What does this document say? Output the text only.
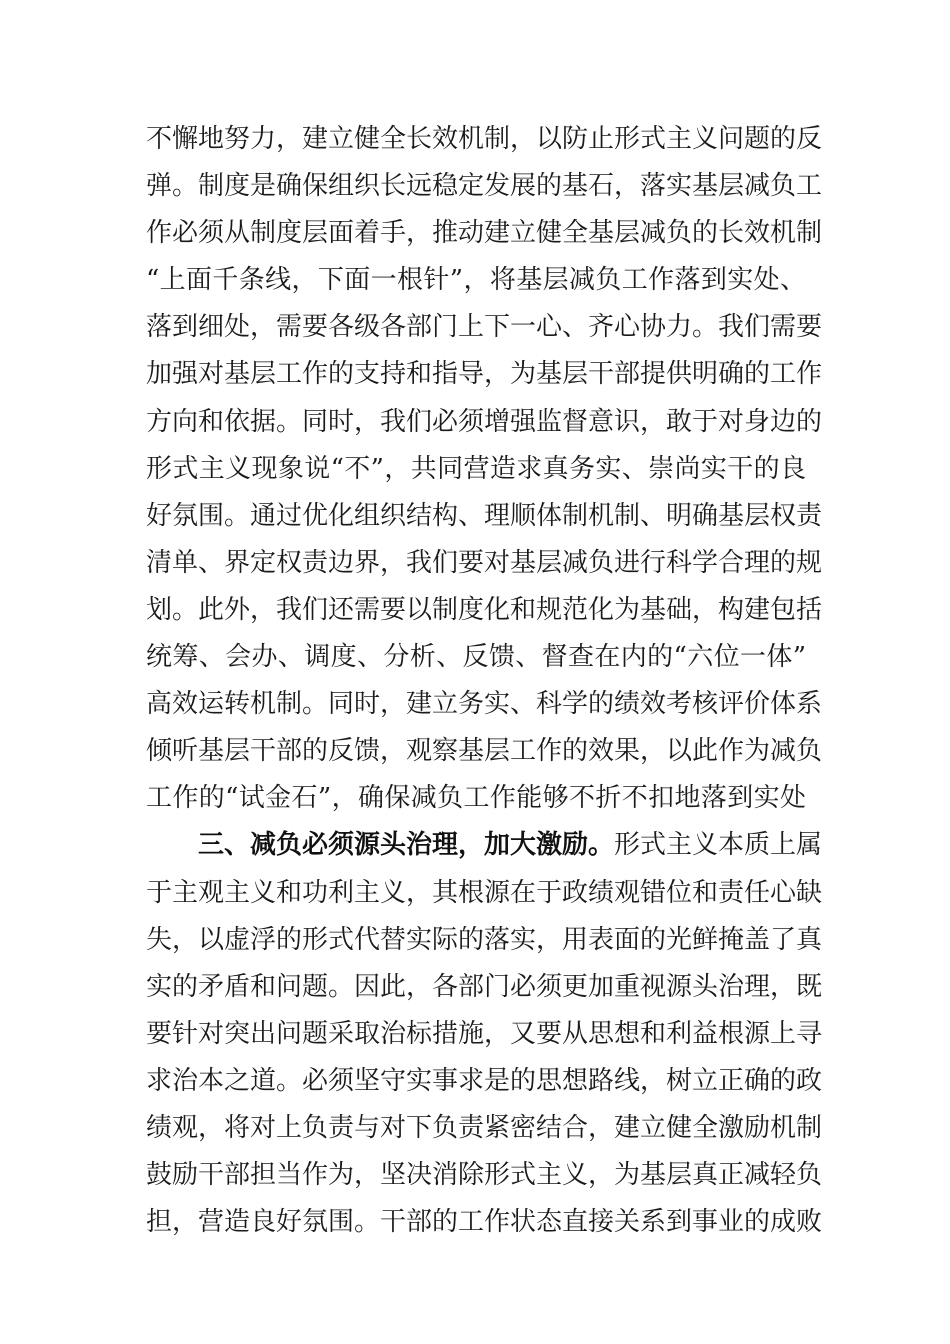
不懈地努力，建立健全长效机制，以防止形式主义问题的反
弹。制度是确保组织长远稳定发展的基石，落实基层减负工
作必须从制度层面着手，推动建立健全基层减负的长效机制
“上面千条线，下面一根针”，将基层减负工作落到实处、
落到细处，需要各级各部门上下一心、齐心协力。我们需要
加强对基层工作的支持和指导，为基层干部提供明确的工作
方向和依据。同时，我们必须增强监督意识，敢于对身边的
形式主义现象说“不”，共同营造求真务实、崇尚实干的良
好氛围。通过优化组织结构、理顺体制机制、明确基层权责
清单、界定权责边界，我们要对基层减负进行科学合理的规
划。此外，我们还需要以制度化和规范化为基础，构建包括
统筹、会办、调度、分析、反馈、督查在内的“六位一体”
高效运转机制。同时，建立务实、科学的绩效考核评价体系
倾听基层干部的反馈，观察基层工作的效果，以此作为减负
工作的“试金石”，确保减负工作能够不折不扣地落到实处
三、减负必须源头治理，加大激励。形式主义本质上属
于主观主义和功利主义，其根源在于政绩观错位和责任心缺
失，以虚浮的形式代替实际的落实，用表面的光鲜掩盖了真
实的矛盾和问题。因此，各部门必须更加重视源头治理，既
要针对突出问题采取治标措施，又要从思想和利益根源上寻
求治本之道。必须坚守实事求是的思想路线，树立正确的政
绩观，将对上负责与对下负责紧密结合，建立健全激励机制
鼓励干部担当作为，坚决消除形式主义，为基层真正减轻负
担，营造良好氛围。干部的工作状态直接关系到事业的成败
